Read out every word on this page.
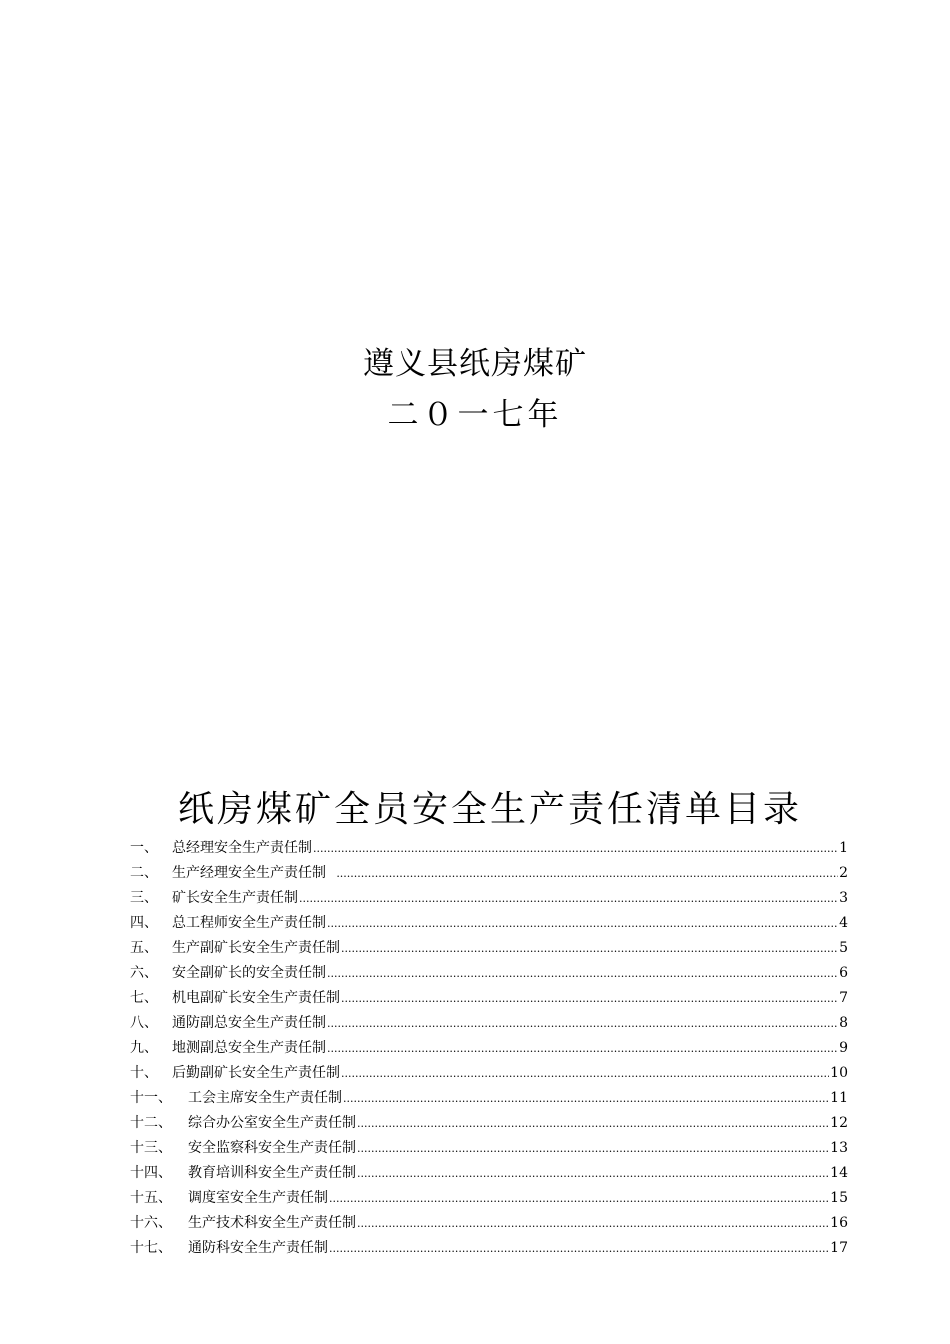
遵义县纸房煤矿
二０一七年
纸房煤矿全员安全生产责任清单目录
一、	总经理安全生产责任制 .....	1
二、	生产经理安全生产责任制 .....	2
三、	矿长安全生产责任制 .....	3
四、	总工程师安全生产责任制 .....	4
五、	生产副矿长安全生产责任制 .....	5
六、	安全副矿长的安全责任制 .....	6
七、	机电副矿长安全生产责任制 .....	7
八、	通防副总安全生产责任制 .....	8
九、	地测副总安全生产责任制 .....	9
十、	后勤副矿长安全生产责任制 .....	10
十一、	工会主席安全生产责任制 .....	11
十二、	综合办公室安全生产责任制 .....	12
十三、	安全监察科安全生产责任制 .....	13
十四、	教育培训科安全生产责任制 .....	14
十五、	调度室安全生产责任制 .....	15
十六、	生产技术科安全生产责任制 .....	16
十七、	通防科安全生产责任制 .....	17
